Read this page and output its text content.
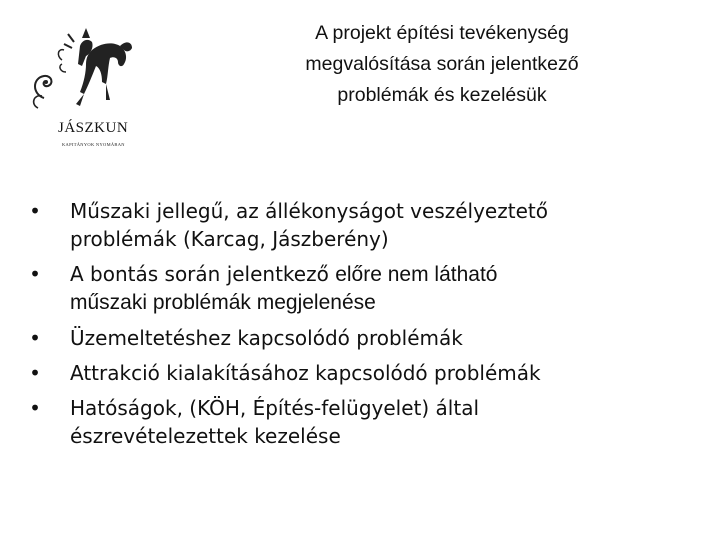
JÁSZKUN
KAPITÁNYOK NYOMÁBAN
A projekt építési tevékenység
megvalósítása során jelentkező
problémák és kezelésük
• Műszaki jellegű, az állékonyságot veszélyeztető
problémák (Karcag, Jászberény)
• A bontás során jelentkező előre nem látható
műszaki problémák megjelenése
• Üzemeltetéshez kapcsolódó problémák
• Attrakció kialakításához kapcsolódó problémák
• Hatóságok, (KÖH, Építés-felügyelet) által
észrevételezettek kezelése
